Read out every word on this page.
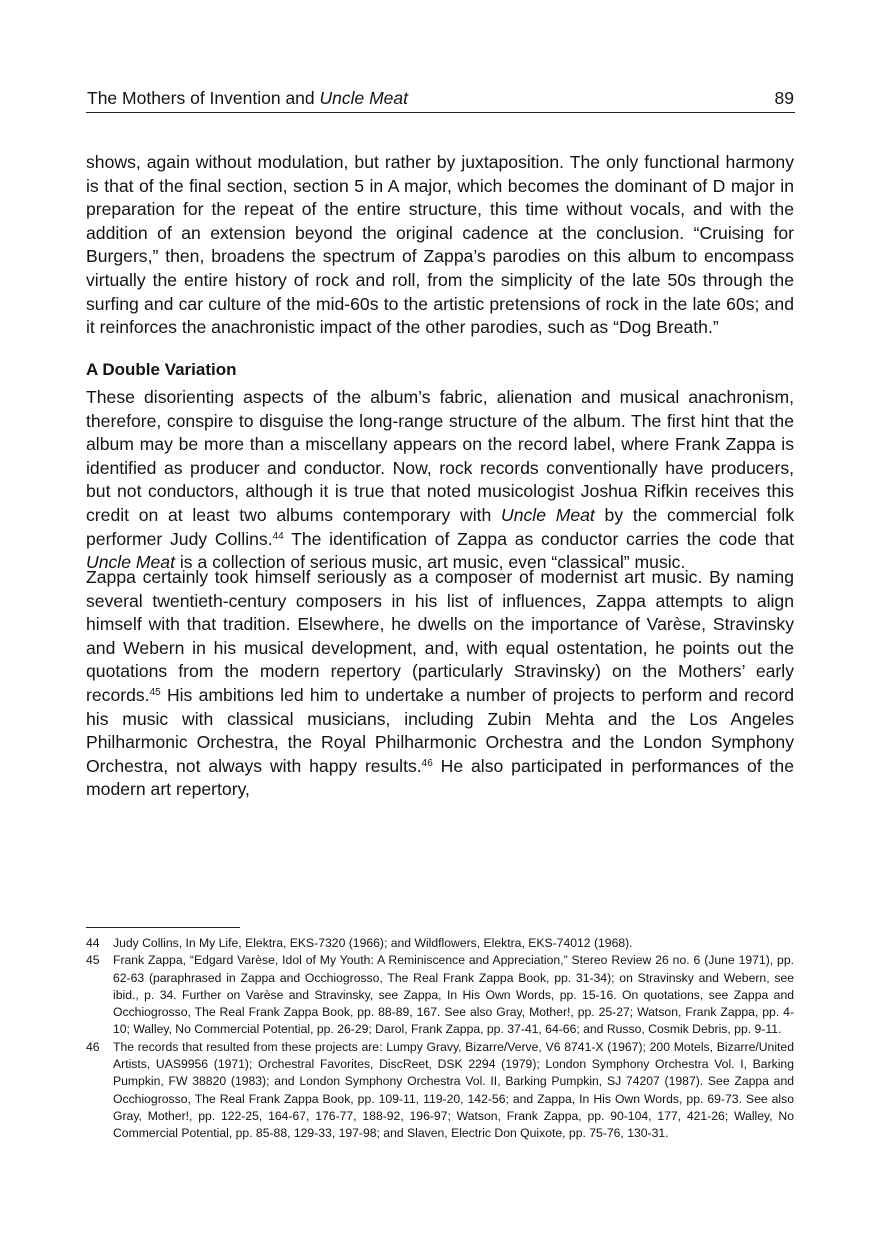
The Mothers of Invention and Uncle Meat	89

shows, again without modulation, but rather by juxtaposition. The only functional harmony is that of the final section, section 5 in A major, which becomes the dominant of D major in preparation for the repeat of the entire structure, this time without vocals, and with the addition of an extension beyond the original cadence at the conclusion. “Cruising for Burgers,” then, broadens the spectrum of Zappa’s parodies on this album to encompass virtually the entire history of rock and roll, from the simplicity of the late 50s through the surfing and car culture of the mid-60s to the artistic pretensions of rock in the late 60s; and it reinforces the anachronistic impact of the other parodies, such as “Dog Breath.”

A Double Variation

These disorienting aspects of the album’s fabric, alienation and musical anachronism, therefore, conspire to disguise the long-range structure of the album. The first hint that the album may be more than a miscellany appears on the record label, where Frank Zappa is identified as producer and conductor. Now, rock records conventionally have producers, but not conductors, although it is true that noted musicologist Joshua Rifkin receives this credit on at least two albums contemporary with Uncle Meat by the commercial folk performer Judy Collins.$^{44}$ The identification of Zappa as conductor carries the code that Uncle Meat is a collection of serious music, art music, even “classical” music.

Zappa certainly took himself seriously as a composer of modernist art music. By naming several twentieth-century composers in his list of influences, Zappa attempts to align himself with that tradition. Elsewhere, he dwells on the importance of Varèse, Stravinsky and Webern in his musical development, and, with equal ostentation, he points out the quotations from the modern repertory (particularly Stravinsky) on the Mothers’ early records.$^{45}$ His ambitions led him to undertake a number of projects to perform and record his music with classical musicians, including Zubin Mehta and the Los Angeles Philharmonic Orchestra, the Royal Philharmonic Orchestra and the London Symphony Orchestra, not always with happy results.$^{46}$ He also participated in performances of the modern art repertory,

44 Judy Collins, In My Life, Elektra, EKS-7320 (1966); and Wildflowers, Elektra, EKS-74012 (1968).

45 Frank Zappa, “Edgard Varèse, Idol of My Youth: A Reminiscence and Appreciation,” Stereo Review 26 no. 6 (June 1971), pp. 62-63 (paraphrased in Zappa and Occhiogrosso, The Real Frank Zappa Book, pp. 31-34); on Stravinsky and Webern, see ibid., p. 34. Further on Varèse and Stravinsky, see Zappa, In His Own Words, pp. 15-16. On quotations, see Zappa and Occhiogrosso, The Real Frank Zappa Book, pp. 88-89, 167. See also Gray, Mother!, pp. 25-27; Watson, Frank Zappa, pp. 4-10; Walley, No Commercial Potential, pp. 26-29; Darol, Frank Zappa, pp. 37-41, 64-66; and Russo, Cosmik Debris, pp. 9-11.

46 The records that resulted from these projects are: Lumpy Gravy, Bizarre/Verve, V6 8741-X (1967); 200 Motels, Bizarre/United Artists, UAS9956 (1971); Orchestral Favorites, DiscReet, DSK 2294 (1979); London Symphony Orchestra Vol. I, Barking Pumpkin, FW 38820 (1983); and London Symphony Orchestra Vol. II, Barking Pumpkin, SJ 74207 (1987). See Zappa and Occhiogrosso, The Real Frank Zappa Book, pp. 109-11, 119-20, 142-56; and Zappa, In His Own Words, pp. 69-73. See also Gray, Mother!, pp. 122-25, 164-67, 176-77, 188-92, 196-97; Watson, Frank Zappa, pp. 90-104, 177, 421-26; Walley, No Commercial Potential, pp. 85-88, 129-33, 197-98; and Slaven, Electric Don Quixote, pp. 75-76, 130-31.
